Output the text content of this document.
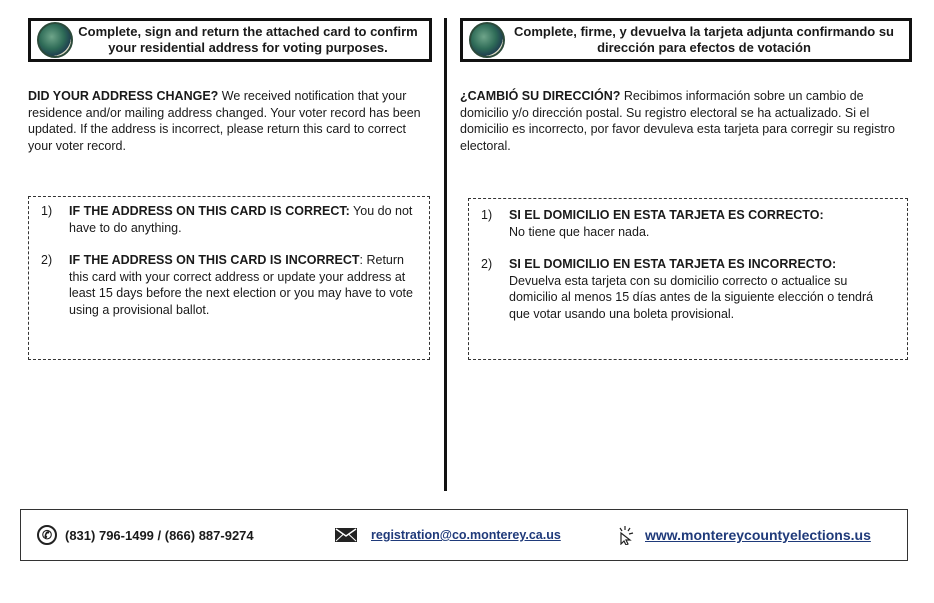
Complete, sign and return the attached card to confirm your residential address for voting purposes.
DID YOUR ADDRESS CHANGE? We received notification that your residence and/or mailing address changed. Your voter record has been updated. If the address is incorrect, please return this card to correct your voter record.
1)	IF THE ADDRESS ON THIS CARD IS CORRECT: You do not have to do anything.
2)	IF THE ADDRESS ON THIS CARD IS INCORRECT: Return this card with your correct address or update your address at least 15 days before the next election or you may have to vote using a provisional ballot.
Complete, firme, y devuelva la tarjeta adjunta confirmando su dirección para efectos de votación
¿CAMBIÓ SU DIRECCIÓN? Recibimos información sobre un cambio de domicilio y/o dirección postal. Su registro electoral se ha actualizado. Si el domicilio es incorrecto, por favor devuleva esta tarjeta para corregir su registro electoral.
1)	SI EL DOMICILIO EN ESTA TARJETA ES CORRECTO:
No tiene que hacer nada.
2)	SI EL DOMICILIO EN ESTA TARJETA ES INCORRECTO:
Devuelva esta tarjeta con su domicilio correcto o actualice su domicilio al menos 15 días antes de la siguiente elección o tendrá que votar usando una boleta provisional.
✆ (831) 796-1499 / (866) 887-9274	registration@co.monterey.ca.us	www.montereycountyelections.us
